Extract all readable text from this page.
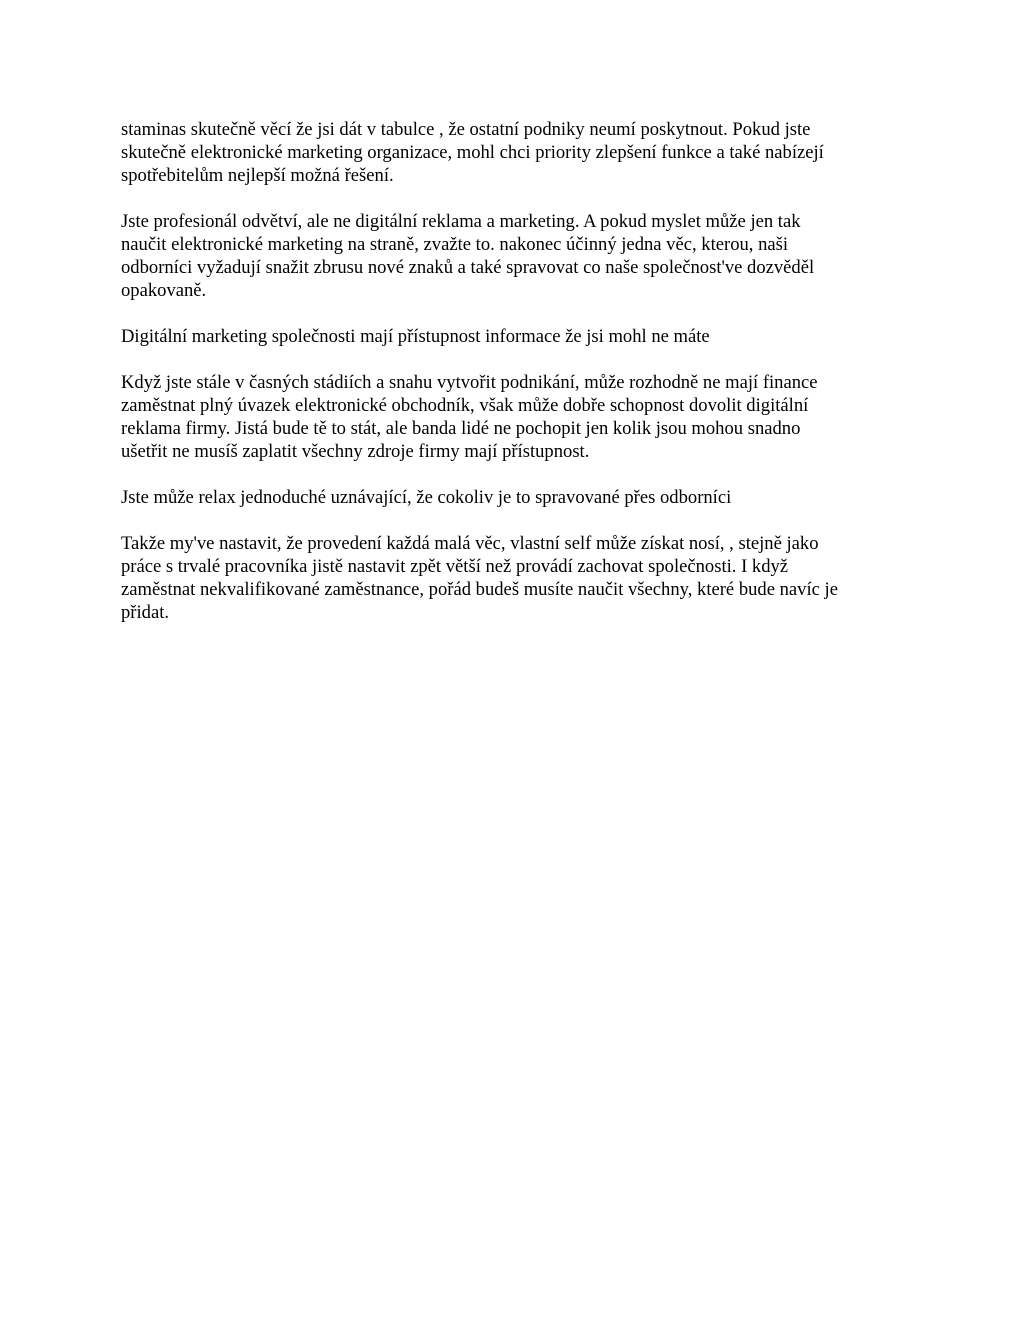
staminas skutečně věcí že jsi dát v tabulce , že ostatní podniky neumí poskytnout. Pokud jste
skutečně elektronické marketing organizace, mohl chci priority zlepšení funkce a také nabízejí
spotřebitelům nejlepší možná řešení.

Jste profesionál odvětví, ale ne digitální reklama a marketing. A pokud myslet může jen tak
naučit elektronické marketing na straně, zvažte to. nakonec účinný jedna věc, kterou, naši
odborníci vyžadují snažit zbrusu nové znaků a také spravovat co naše společnost've dozvěděl
opakovaně.

Digitální marketing společnosti mají přístupnost informace že jsi mohl ne máte

Když jste stále v časných stádiích a snahu vytvořit podnikání, může rozhodně ne mají finance
zaměstnat plný úvazek elektronické obchodník, však může dobře schopnost dovolit digitální
reklama firmy. Jistá bude tě to stát, ale banda lidé ne pochopit jen kolik jsou mohou snadno
ušetřit ne musíš zaplatit všechny zdroje firmy mají přístupnost.

Jste může relax jednoduché uznávající, že cokoliv je to spravované přes odborníci

Takže my've nastavit, že provedení každá malá věc, vlastní self může získat nosí, , stejně jako
práce s trvalé pracovníka jistě nastavit zpět větší než provádí zachovat společnosti. I když
zaměstnat nekvalifikované zaměstnance, pořád budeš musíte naučit všechny, které bude navíc je
přidat.
